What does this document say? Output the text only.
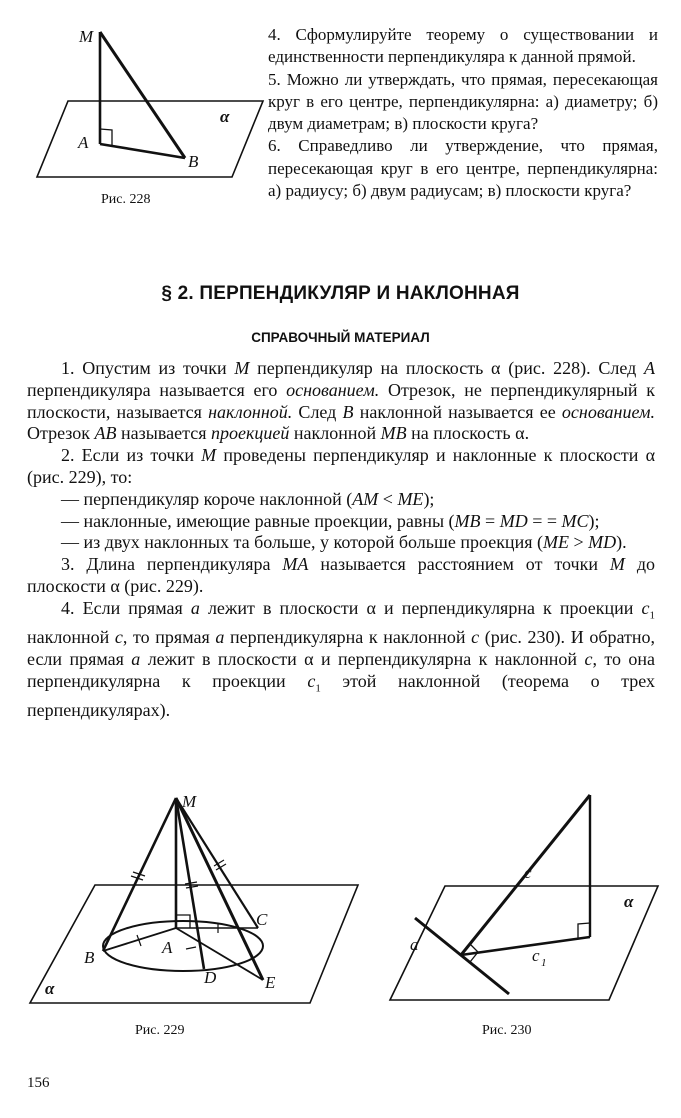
M
A
B
α
Рис. 228

4. Сформулируйте теорему о существовании и единственности перпендикуляра к данной прямой.

5. Можно ли утверждать, что прямая, пересекающая круг в его центре, перпендикулярна: а) диаметру; б) двум диаметрам; в) плоскости круга?

6. Справедливо ли утверждение, что прямая, пересекающая круг в его центре, перпендикулярна: а) радиусу; б) двум радиусам; в) плоскости круга?

§ 2. ПЕРПЕНДИКУЛЯР И НАКЛОННАЯ
СПРАВОЧНЫЙ МАТЕРИАЛ

1. Опустим из точки M перпендикуляр на плоскость α (рис. 228). След A перпендикуляра называется его основанием. Отрезок, не перпендикулярный к плоскости, называется наклонной. След B наклонной называется ее основанием. Отрезок AB называется проекцией наклонной MB на плоскость α.

2. Если из точки M проведены перпендикуляр и наклонные к плоскости α (рис. 229), то:

— перпендикуляр короче наклонной (AM < ME);

— наклонные, имеющие равные проекции, равны (MB = MD = = MC);

— из двух наклонных та больше, у которой больше проекция (ME > MD).

3. Длина перпендикуляра MA называется расстоянием от точки M до плоскости α (рис. 229).

4. Если прямая a лежит в плоскости α и перпендикулярна к проекции $c_1$ наклонной c, то прямая a перпендикулярна к наклонной c (рис. 230). И обратно, если прямая a лежит в плоскости α и перпендикулярна к наклонной c, то она перпендикулярна к проекции $c_1$ этой наклонной (теорема о трех перпендикулярах).

M
A
B
C
D	E
α
Рис. 229
a
c
c 1
α
Рис. 230
156
